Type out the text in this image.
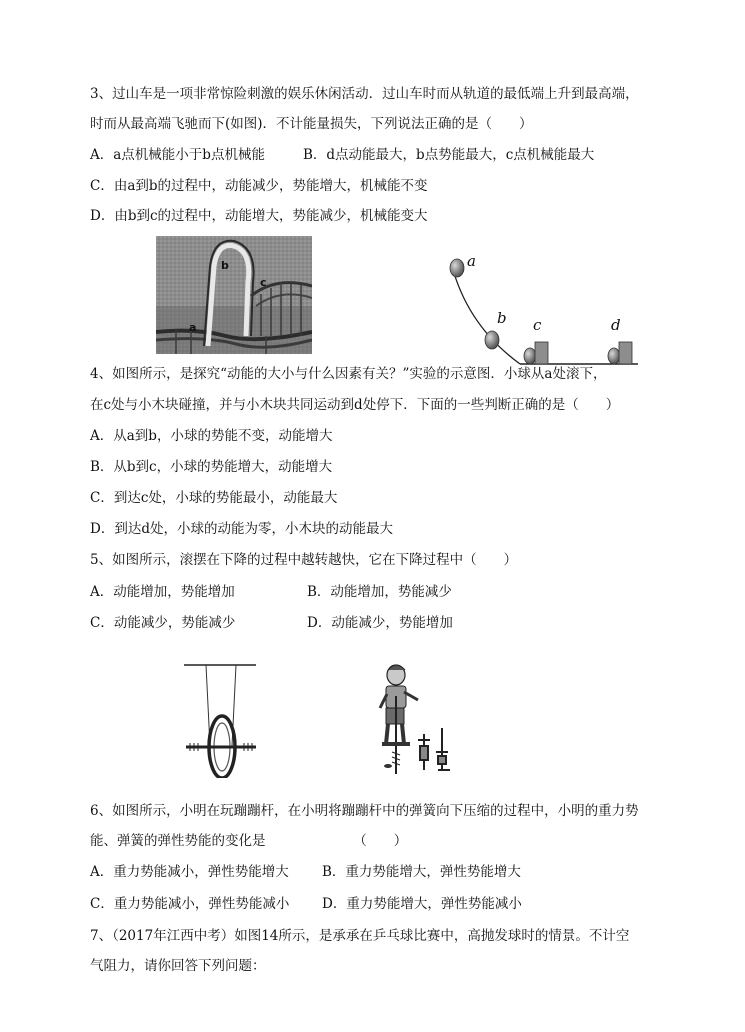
3、过山车是一项非常惊险刺激的娱乐休闲活动．过山车时而从轨道的最低端上升到最高端，
时而从最高端飞驰而下(如图)．不计能量损失，下列说法正确的是（　　）
A．a点机械能小于b点机械能	B．d点动能最大，b点势能最大，c点机械能最大
C．由a到b的过程中，动能减少，势能增大，机械能不变
D．由b到c的过程中，动能增大，势能减少，机械能变大
b
c
a
a
b c	d
4、如图所示，是探究“动能的大小与什么因素有关？”实验的示意图．小球从a处滚下，
在c处与小木块碰撞，并与小木块共同运动到d处停下．下面的一些判断正确的是（　　）
A．从a到b，小球的势能不变，动能增大
B．从b到c，小球的势能增大，动能增大
C．到达c处，小球的势能最小，动能最大
D．到达d处，小球的动能为零，小木块的动能最大
5、如图所示，滚摆在下降的过程中越转越快，它在下降过程中（　　）
A．动能增加，势能增加	B．动能增加，势能减少
C．动能减少，势能减少	D．动能减少，势能增加
6、如图所示，小明在玩蹦蹦杆，在小明将蹦蹦杆中的弹簧向下压缩的过程中，小明的重力势
能、弹簧的弹性势能的变化是　　　　　　　（　　）
A．重力势能减小，弹性势能增大 B．重力势能增大，弹性势能增大
C．重力势能减小，弹性势能减小 D．重力势能增大，弹性势能减小
7、（2017年江西中考）如图14所示，是承承在乒乓球比赛中，高抛发球时的情景。不计空
气阻力，请你回答下列问题：
